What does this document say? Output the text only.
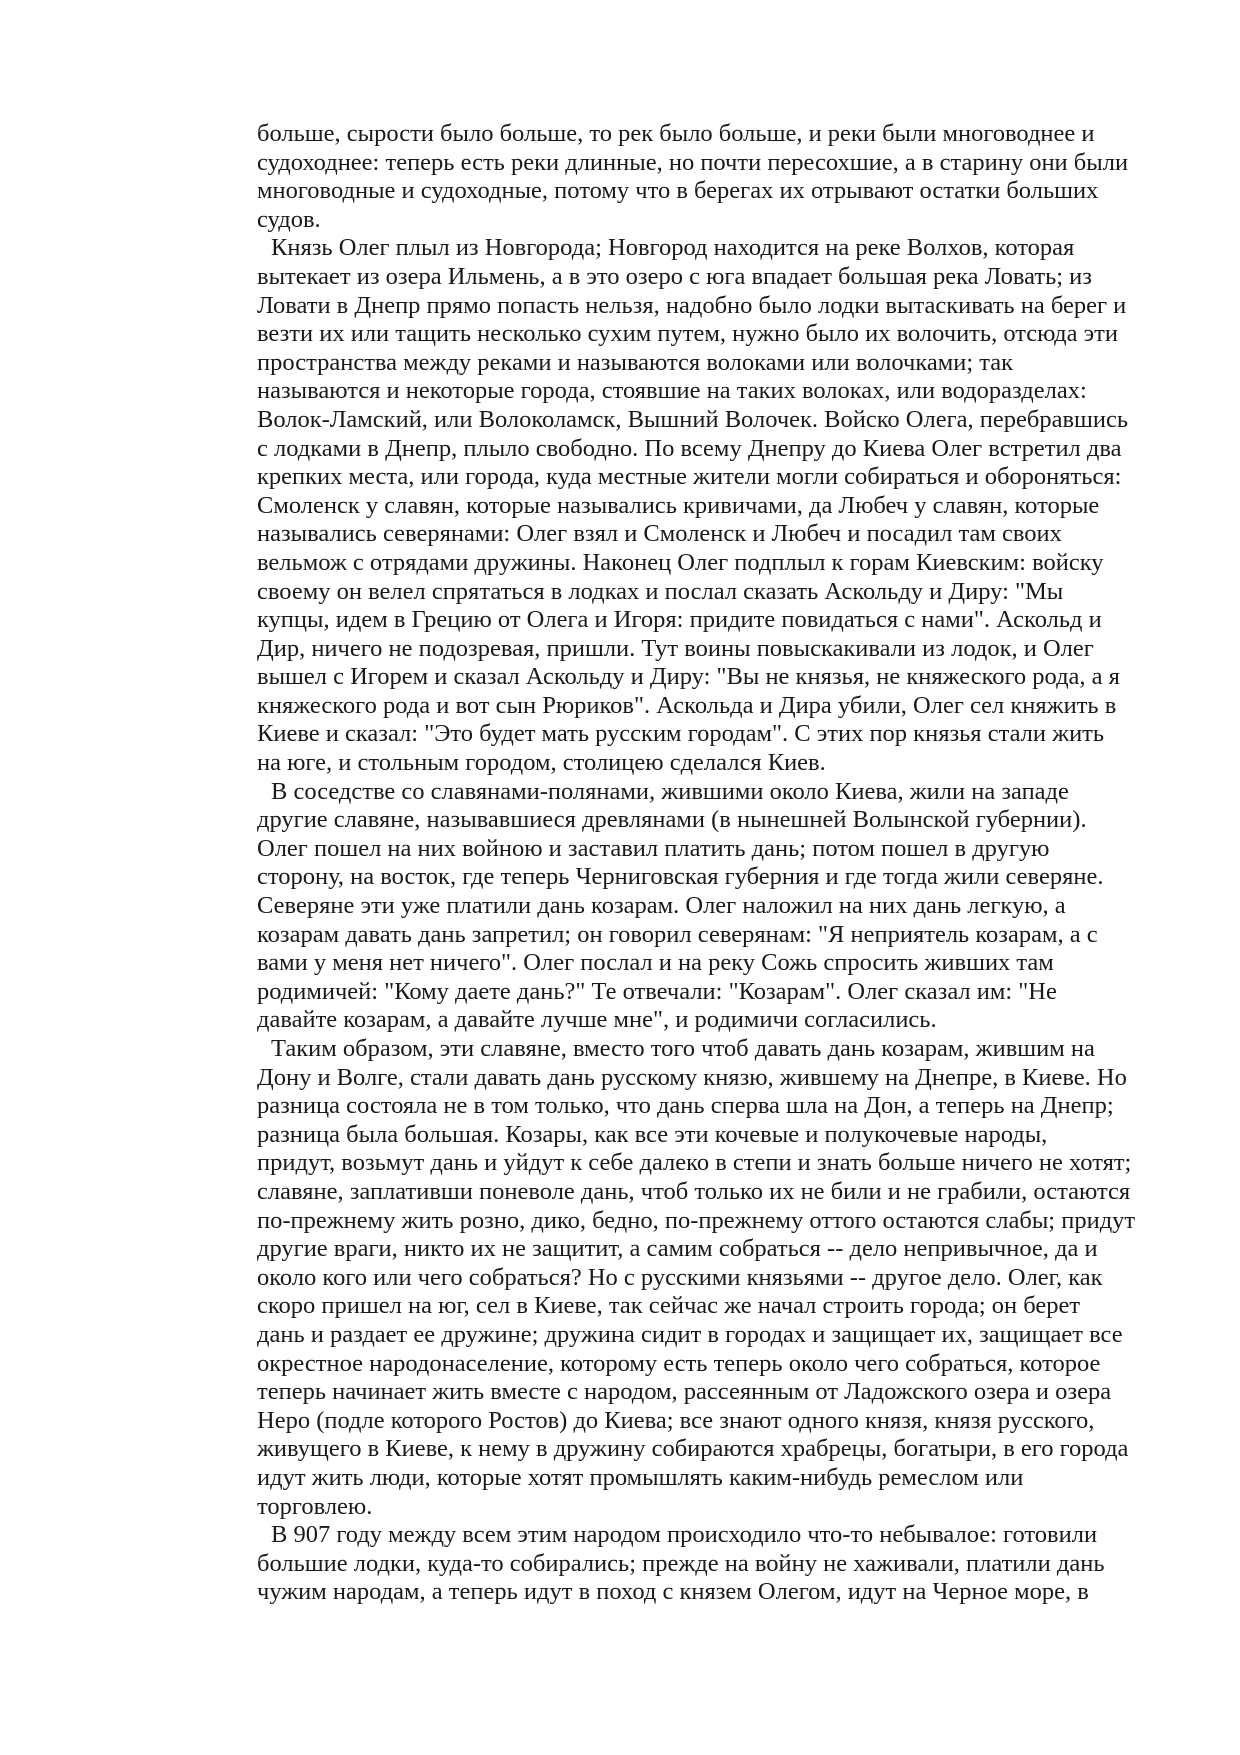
больше, сырости было больше, то рек было больше, и реки были многоводнее и
судоходнее: теперь есть реки длинные, но почти пересохшие, а в старину они были
многоводные и судоходные, потому что в берегах их отрывают остатки больших
судов.
Князь Олег плыл из Новгорода; Новгород находится на реке Волхов, которая
вытекает из озера Ильмень, а в это озеро с юга впадает большая река Ловать; из
Ловати в Днепр прямо попасть нельзя, надобно было лодки вытаскивать на берег и
везти их или тащить несколько сухим путем, нужно было их волочить, отсюда эти
пространства между реками и называются волоками или волочками; так
называются и некоторые города, стоявшие на таких волоках, или водоразделах:
Волок-Ламский, или Волоколамск, Вышний Волочек. Войско Олега, перебравшись
с лодками в Днепр, плыло свободно. По всему Днепру до Киева Олег встретил два
крепких места, или города, куда местные жители могли собираться и обороняться:
Смоленск у славян, которые назывались кривичами, да Любеч у славян, которые
назывались северянами: Олег взял и Смоленск и Любеч и посадил там своих
вельмож с отрядами дружины. Наконец Олег подплыл к горам Киевским: войску
своему он велел спрятаться в лодках и послал сказать Аскольду и Диру: "Мы
купцы, идем в Грецию от Олега и Игоря: придите повидаться с нами". Аскольд и
Дир, ничего не подозревая, пришли. Тут воины повыскакивали из лодок, и Олег
вышел с Игорем и сказал Аскольду и Диру: "Вы не князья, не княжеского рода, а я
княжеского рода и вот сын Рюриков". Аскольда и Дира убили, Олег сел княжить в
Киеве и сказал: "Это будет мать русским городам". С этих пор князья стали жить
на юге, и стольным городом, столицею сделался Киев.
В соседстве со славянами-полянами, жившими около Киева, жили на западе
другие славяне, называвшиеся древлянами (в нынешней Волынской губернии).
Олег пошел на них войною и заставил платить дань; потом пошел в другую
сторону, на восток, где теперь Черниговская губерния и где тогда жили северяне.
Северяне эти уже платили дань козарам. Олег наложил на них дань легкую, а
козарам давать дань запретил; он говорил северянам: "Я неприятель козарам, а с
вами у меня нет ничего". Олег послал и на реку Сожь спросить живших там
родимичей: "Кому даете дань?" Те отвечали: "Козарам". Олег сказал им: "Не
давайте козарам, а давайте лучше мне", и родимичи согласились.
Таким образом, эти славяне, вместо того чтоб давать дань козарам, жившим на
Дону и Волге, стали давать дань русскому князю, жившему на Днепре, в Киеве. Но
разница состояла не в том только, что дань сперва шла на Дон, а теперь на Днепр;
разница была большая. Козары, как все эти кочевые и полукочевые народы,
придут, возьмут дань и уйдут к себе далеко в степи и знать больше ничего не хотят;
славяне, заплативши поневоле дань, чтоб только их не били и не грабили, остаются
по-прежнему жить розно, дико, бедно, по-прежнему оттого остаются слабы; придут
другие враги, никто их не защитит, а самим собраться -- дело непривычное, да и
около кого или чего собраться? Но с русскими князьями -- другое дело. Олег, как
скоро пришел на юг, сел в Киеве, так сейчас же начал строить города; он берет
дань и раздает ее дружине; дружина сидит в городах и защищает их, защищает все
окрестное народонаселение, которому есть теперь около чего собраться, которое
теперь начинает жить вместе с народом, рассеянным от Ладожского озера и озера
Неро (подле которого Ростов) до Киева; все знают одного князя, князя русского,
живущего в Киеве, к нему в дружину собираются храбрецы, богатыри, в его города
идут жить люди, которые хотят промышлять каким-нибудь ремеслом или
торговлею.
В 907 году между всем этим народом происходило что-то небывалое: готовили
большие лодки, куда-то собирались; прежде на войну не хаживали, платили дань
чужим народам, а теперь идут в поход с князем Олегом, идут на Черное море, в
